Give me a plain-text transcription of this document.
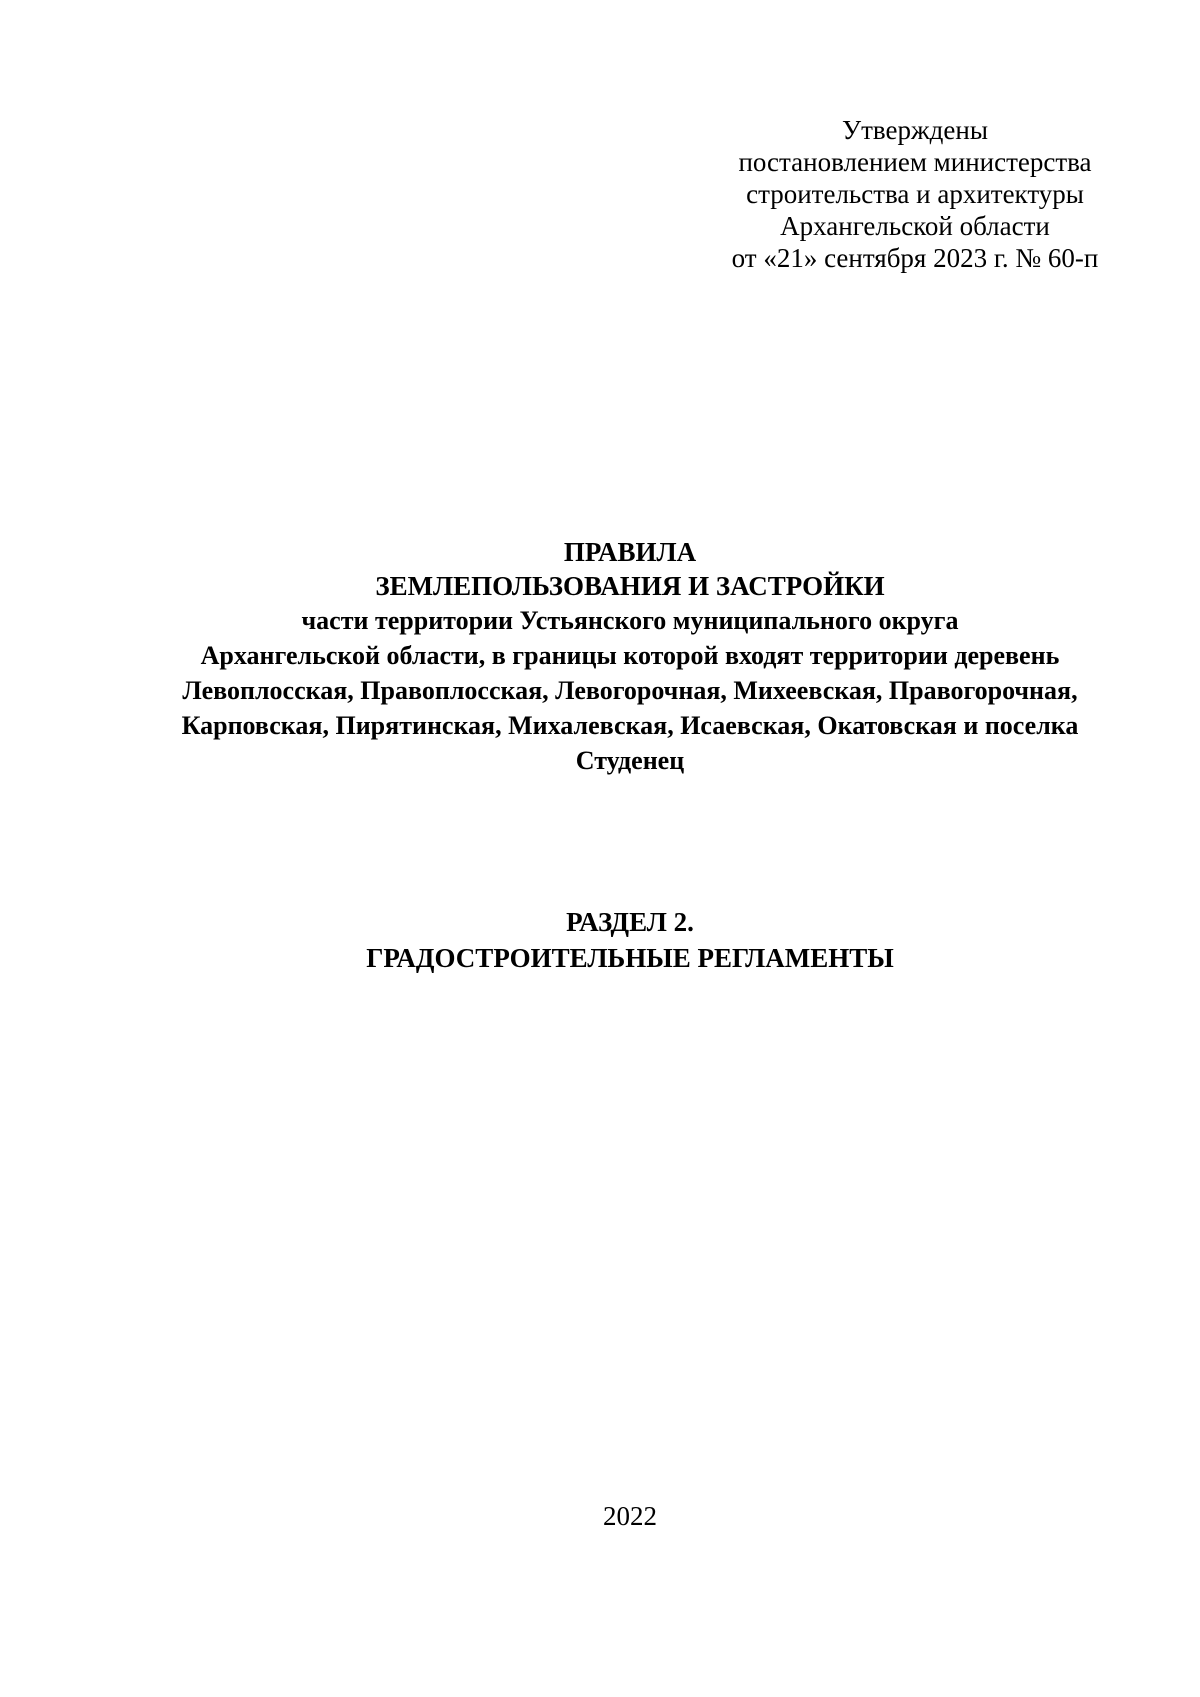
Утверждены
постановлением министерства
строительства и архитектуры
Архангельской области
от «21» сентября 2023 г. № 60-п
ПРАВИЛА
ЗЕМЛЕПОЛЬЗОВАНИЯ И ЗАСТРОЙКИ
части территории Устьянского муниципального округа
Архангельской области, в границы которой входят территории деревень
Левоплосская, Правоплосская, Левогорочная, Михеевская, Правогорочная,
Карповская, Пирятинская, Михалевская, Исаевская, Окатовская и поселка
Студенец
РАЗДЕЛ 2.
ГРАДОСТРОИТЕЛЬНЫЕ РЕГЛАМЕНТЫ
2022
